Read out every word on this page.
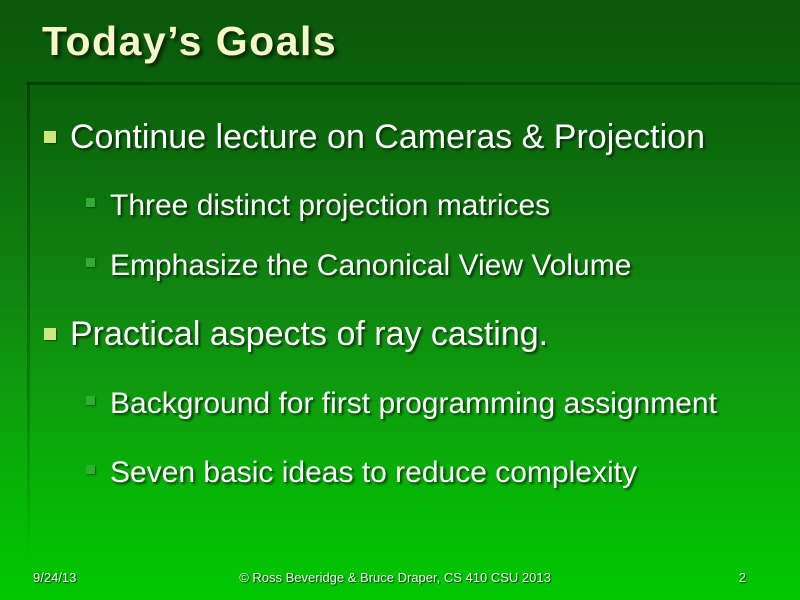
Today’s Goals
Continue lecture on Cameras & Projection
Three distinct projection matrices
Emphasize the Canonical View Volume
Practical aspects of ray casting.
Background for first programming assignment
Seven basic ideas to reduce complexity
9/24/13	© Ross Beveridge & Bruce Draper, CS 410 CSU 2013	2
